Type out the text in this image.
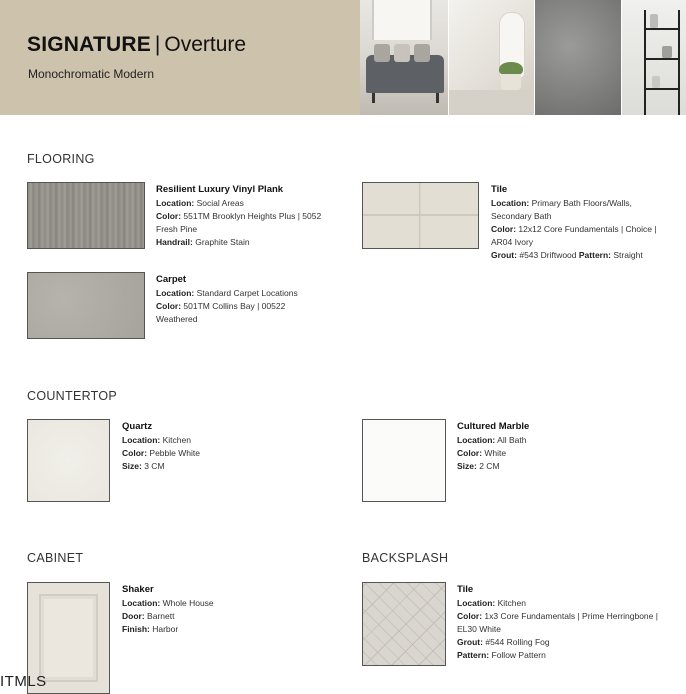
SIGNATURE | Overture
Monochromatic Modern
FLOORING
Resilient Luxury Vinyl Plank
Location: Social Areas
Color: 551TM Brooklyn Heights Plus | 5052
Fresh Pine
Handrail: Graphite Stain
Tile
Location: Primary Bath Floors/Walls,
Secondary Bath
Color: 12x12 Core Fundamentals | Choice |
AR04 Ivory
Grout: #543 Driftwood Pattern: Straight
Carpet
Location: Standard Carpet Locations
Color: 501TM Collins Bay | 00522
Weathered
COUNTERTOP
Quartz
Location: Kitchen
Color: Pebble White
Size: 3 CM
Cultured Marble
Location: All Bath
Color: White
Size: 2 CM
CABINET
Shaker
Location: Whole House
Door: Barnett
Finish: Harbor
BACKSPLASH
Tile
Location: Kitchen
Color: 1x3 Core Fundamentals | Prime Herringbone |
EL30 White
Grout: #544 Rolling Fog
Pattern: Follow Pattern
ITMLS
